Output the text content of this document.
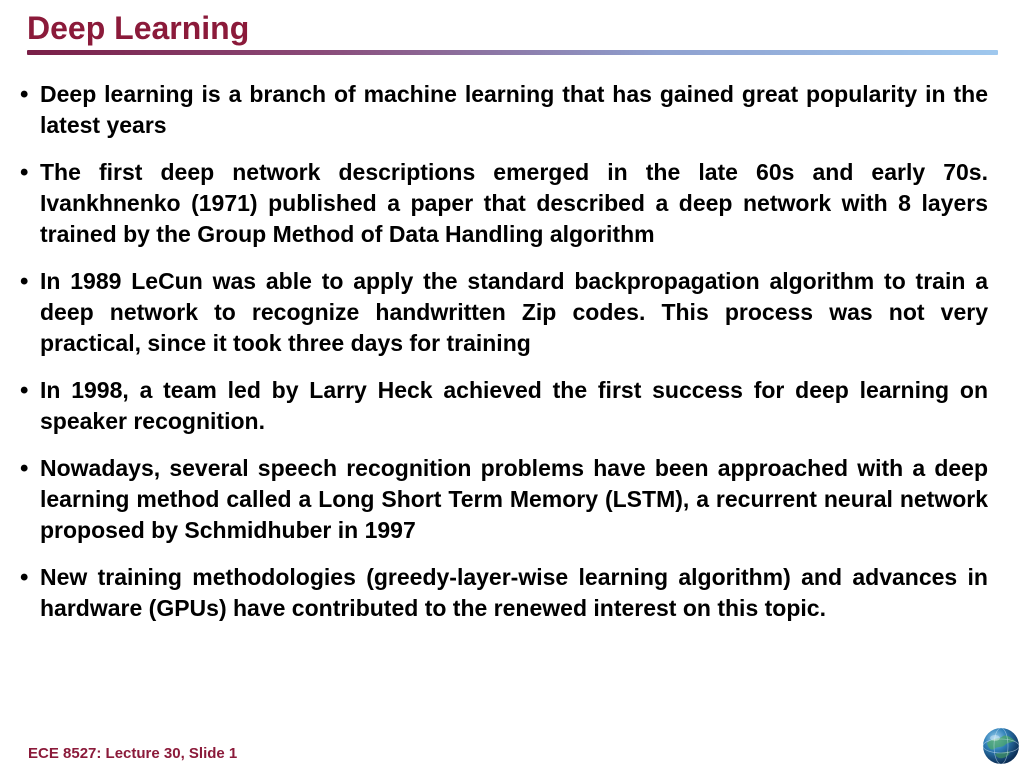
Deep Learning
• Deep learning is a branch of machine learning that has gained great popularity in the latest years
• The first deep network descriptions emerged in the late 60s and early 70s. Ivankhnenko (1971) published a paper that described a deep network with 8 layers trained by the Group Method of Data Handling algorithm
• In 1989 LeCun was able to apply the standard backpropagation algorithm to train a deep network to recognize handwritten Zip codes. This process was not very practical, since it took three days for training
• In 1998, a team led by Larry Heck achieved the first success for deep learning on speaker recognition.
• Nowadays, several speech recognition problems have been approached with a deep learning method called a Long Short Term Memory (LSTM), a recurrent neural network proposed by Schmidhuber in 1997
• New training methodologies (greedy-layer-wise learning algorithm) and advances in hardware (GPUs) have contributed to the renewed interest on this topic.
ECE 8527: Lecture 30, Slide 1
